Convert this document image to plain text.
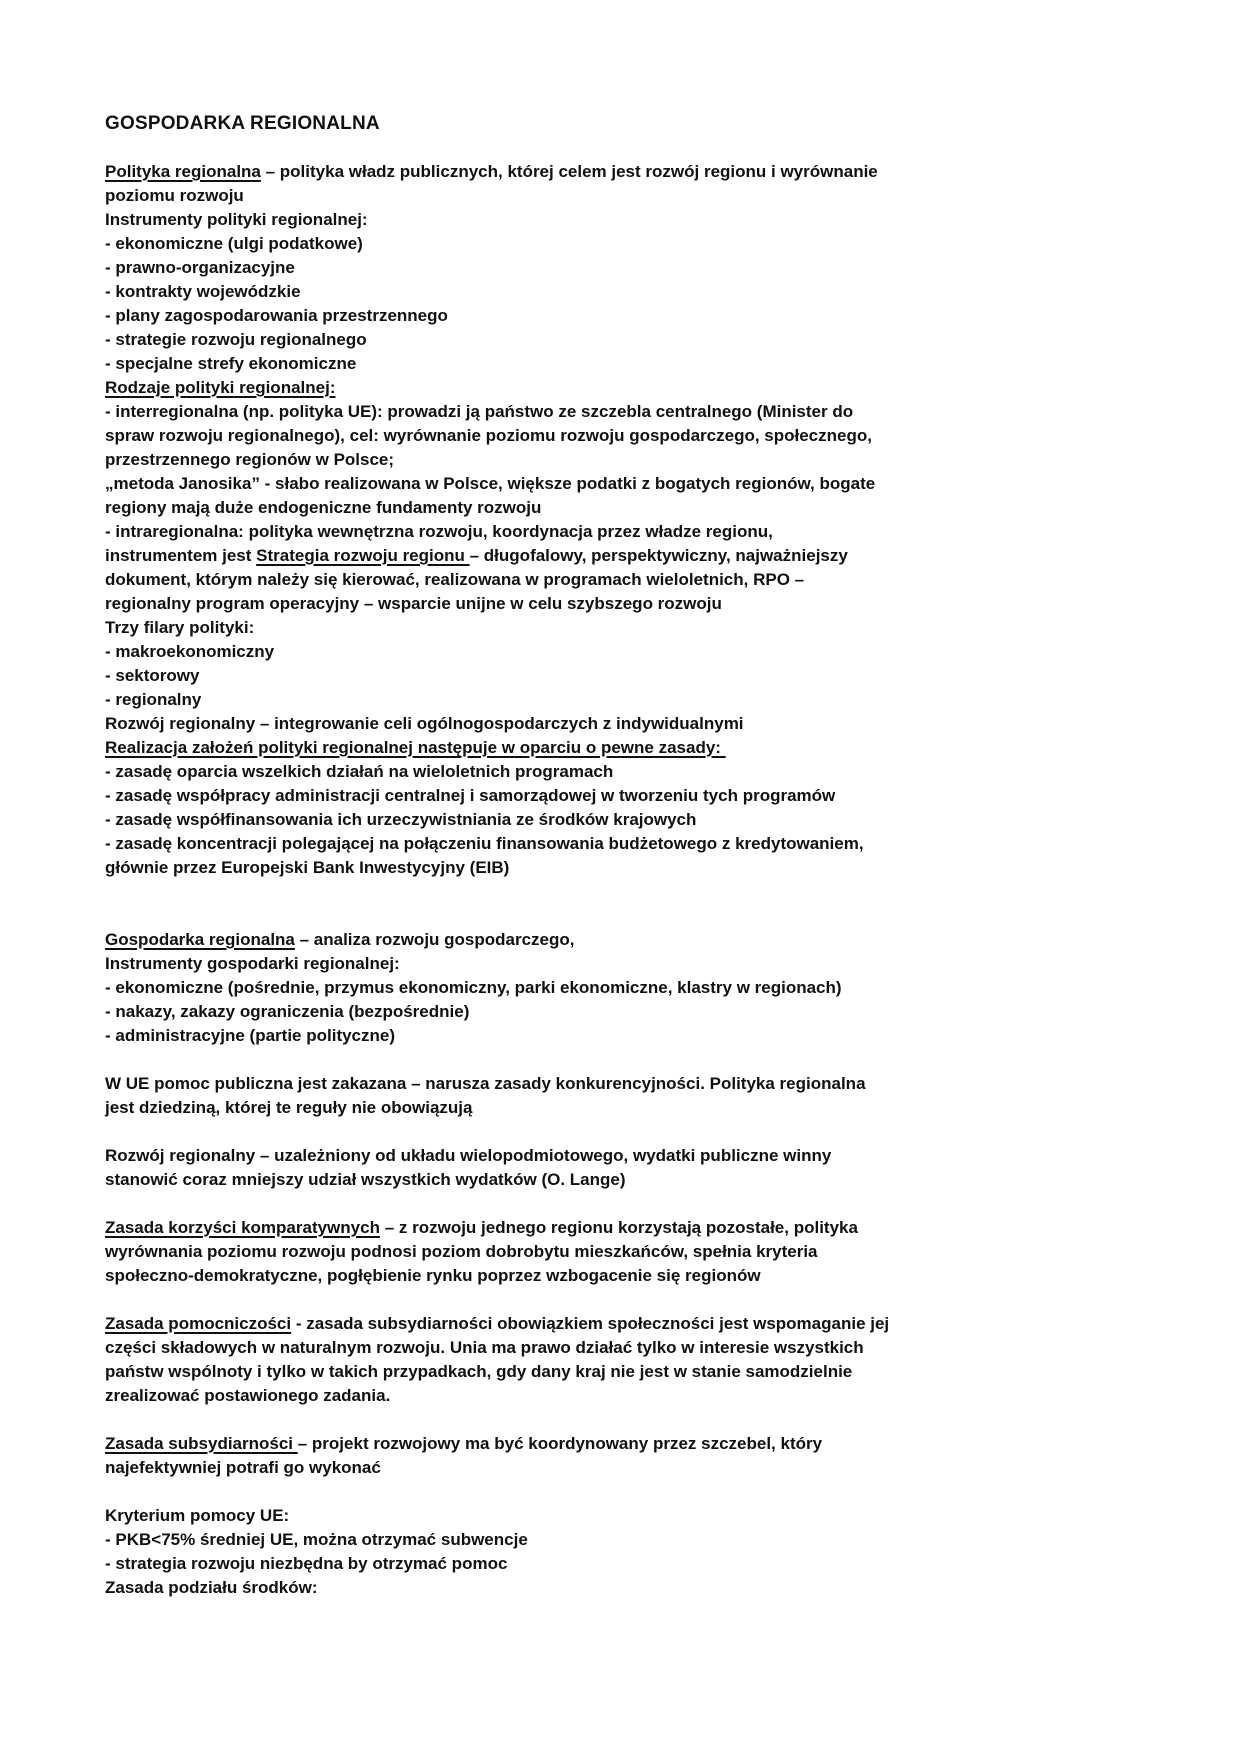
GOSPODARKA REGIONALNA

Polityka regionalna – polityka władz publicznych, której celem jest rozwój regionu i wyrównanie
poziomu rozwoju
Instrumenty polityki regionalnej:
- ekonomiczne (ulgi podatkowe)
- prawno-organizacyjne
- kontrakty wojewódzkie
- plany zagospodarowania przestrzennego
- strategie rozwoju regionalnego
- specjalne strefy ekonomiczne
Rodzaje polityki regionalnej:
- interregionalna (np. polityka UE): prowadzi ją państwo ze szczebla centralnego (Minister do
spraw rozwoju regionalnego), cel: wyrównanie poziomu rozwoju gospodarczego, społecznego,
przestrzennego regionów w Polsce;
„metoda Janosika” - słabo realizowana w Polsce, większe podatki z bogatych regionów, bogate
regiony mają duże endogeniczne fundamenty rozwoju
- intraregionalna: polityka wewnętrzna rozwoju, koordynacja przez władze regionu,
instrumentem jest Strategia rozwoju regionu – długofalowy, perspektywiczny, najważniejszy
dokument, którym należy się kierować, realizowana w programach wieloletnich, RPO –
regionalny program operacyjny – wsparcie unijne w celu szybszego rozwoju
Trzy filary polityki:
- makroekonomiczny
- sektorowy
- regionalny
Rozwój regionalny – integrowanie celi ogólnogospodarczych z indywidualnymi
Realizacja założeń polityki regionalnej następuje w oparciu o pewne zasady:
- zasadę oparcia wszelkich działań na wieloletnich programach
- zasadę współpracy administracji centralnej i samorządowej w tworzeniu tych programów
- zasadę współfinansowania ich urzeczywistniania ze środków krajowych
- zasadę koncentracji polegającej na połączeniu finansowania budżetowego z kredytowaniem,
głównie przez Europejski Bank Inwestycyjny (EIB)

Gospodarka regionalna – analiza rozwoju gospodarczego,
Instrumenty gospodarki regionalnej:
- ekonomiczne (pośrednie, przymus ekonomiczny, parki ekonomiczne, klastry w regionach)
- nakazy, zakazy ograniczenia (bezpośrednie)
- administracyjne (partie polityczne)

W UE pomoc publiczna jest zakazana – narusza zasady konkurencyjności. Polityka regionalna
jest dziedziną, której te reguły nie obowiązują

Rozwój regionalny – uzależniony od układu wielopodmiotowego, wydatki publiczne winny
stanowić coraz mniejszy udział wszystkich wydatków (O. Lange)

Zasada korzyści komparatywnych – z rozwoju jednego regionu korzystają pozostałe, polityka
wyrównania poziomu rozwoju podnosi poziom dobrobytu mieszkańców, spełnia kryteria
społeczno-demokratyczne, pogłębienie rynku poprzez wzbogacenie się regionów

Zasada pomocniczości - zasada subsydiarności obowiązkiem społeczności jest wspomaganie jej
części składowych w naturalnym rozwoju. Unia ma prawo działać tylko w interesie wszystkich
państw wspólnoty i tylko w takich przypadkach, gdy dany kraj nie jest w stanie samodzielnie
zrealizować postawionego zadania.

Zasada subsydiarności – projekt rozwojowy ma być koordynowany przez szczebel, który
najefektywniej potrafi go wykonać

Kryterium pomocy UE:
- PKB<75% średniej UE, można otrzymać subwencje
- strategia rozwoju niezbędna by otrzymać pomoc
Zasada podziału środków:
